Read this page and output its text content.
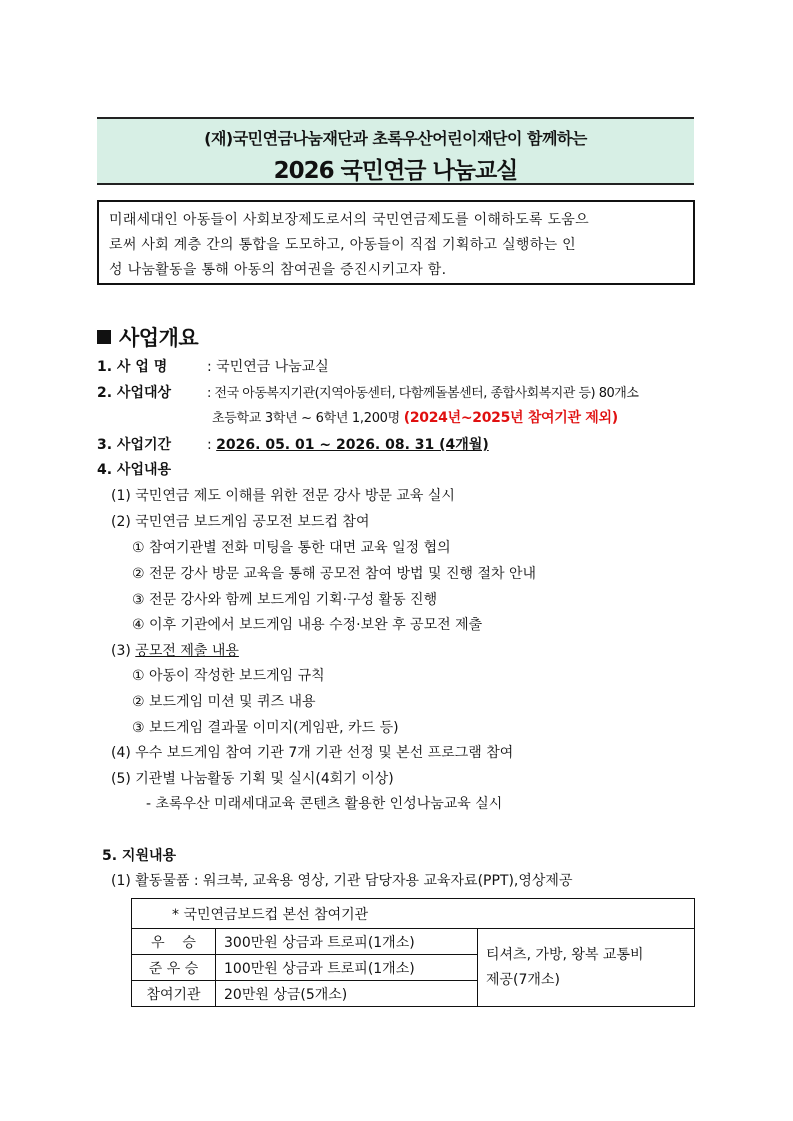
(재)국민연금나눔재단과 초록우산어린이재단이 함께하는
2026 국민연금 나눔교실
미래세대인 아동들이 사회보장제도로서의 국민연금제도를 이해하도록 도움으
로써 사회 계층 간의 통합을 도모하고, 아동들이 직접 기획하고 실행하는 인
성 나눔활동을 통해 아동의 참여권을 증진시키고자 함.
사업개요
1. 사 업 명	: 국민연금 나눔교실
2. 사업대상	: 전국 아동복지기관(지역아동센터, 다함께돌봄센터, 종합사회복지관 등) 80개소
초등학교 3학년 ~ 6학년 1,200명 (2024년~2025년 참여기관 제외)
3. 사업기간	: 2026. 05. 01 ~ 2026. 08. 31 (4개월)
4. 사업내용
(1) 국민연금 제도 이해를 위한 전문 강사 방문 교육 실시
(2) 국민연금 보드게임 공모전 보드컵 참여
① 참여기관별 전화 미팅을 통한 대면 교육 일정 협의
② 전문 강사 방문 교육을 통해 공모전 참여 방법 및 진행 절차 안내
③ 전문 강사와 함께 보드게임 기획·구성 활동 진행
④ 이후 기관에서 보드게임 내용 수정·보완 후 공모전 제출
(3) 공모전 제출 내용
① 아동이 작성한 보드게임 규칙
② 보드게임 미션 및 퀴즈 내용
③ 보드게임 결과물 이미지(게임판, 카드 등)
(4) 우수 보드게임 참여 기관 7개 기관 선정 및 본선 프로그램 참여
(5) 기관별 나눔활동 기획 및 실시(4회기 이상)
- 초록우산 미래세대교육 콘텐츠 활용한 인성나눔교육 실시
5. 지원내용
(1) 활동물품 : 워크북, 교육용 영상, 기관 담당자용 교육자료(PPT),영상제공
* 국민연금보드컵 본선 참여기관		
우    승	300만원 상금과 트로피(1개소)	티셔츠, 가방, 왕복 교통비
제공(7개소)

준 우 승	100만원 상금과 트로피(1개소)	
참여기관	20만원 상금(5개소)	
